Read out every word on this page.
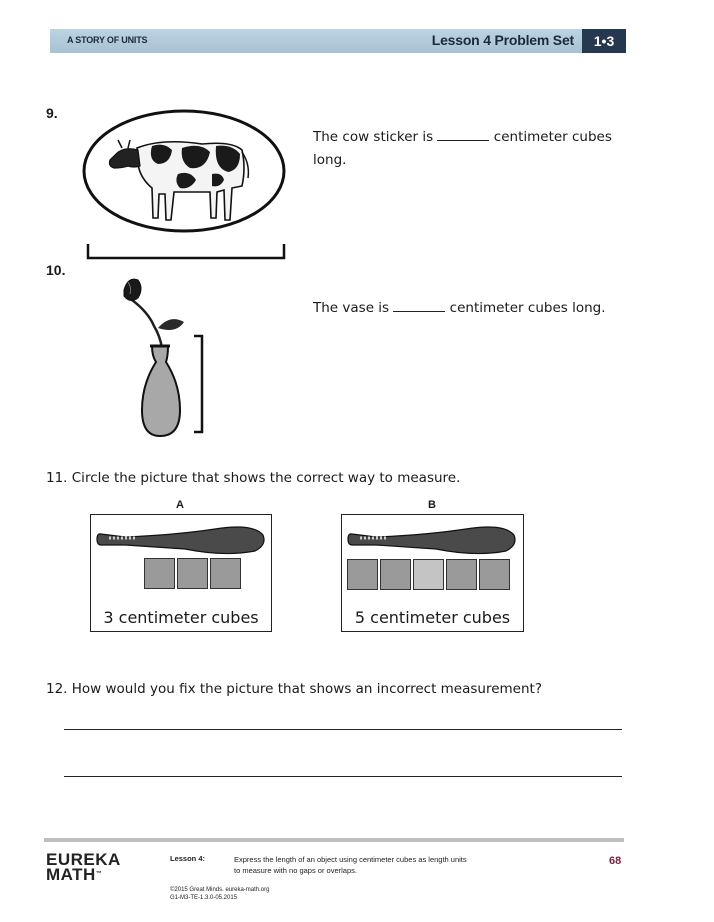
A STORY OF UNITS	Lesson 4 Problem Set	1•3
9.
The cow sticker is	centimeter cubes
long.
10.
The vase is	centimeter cubes long.
11. Circle the picture that shows the correct way to measure.
A
3 centimeter cubes
B
5 centimeter cubes
12. How would you fix the picture that shows an incorrect measurement?
EUREKA
MATH™
Lesson 4:	Express the length of an object using centimeter cubes as length units
to measure with no gaps or overlaps.
68
©2015 Great Minds. eureka-math.org
G1-M3-TE-1.3.0-05.2015
